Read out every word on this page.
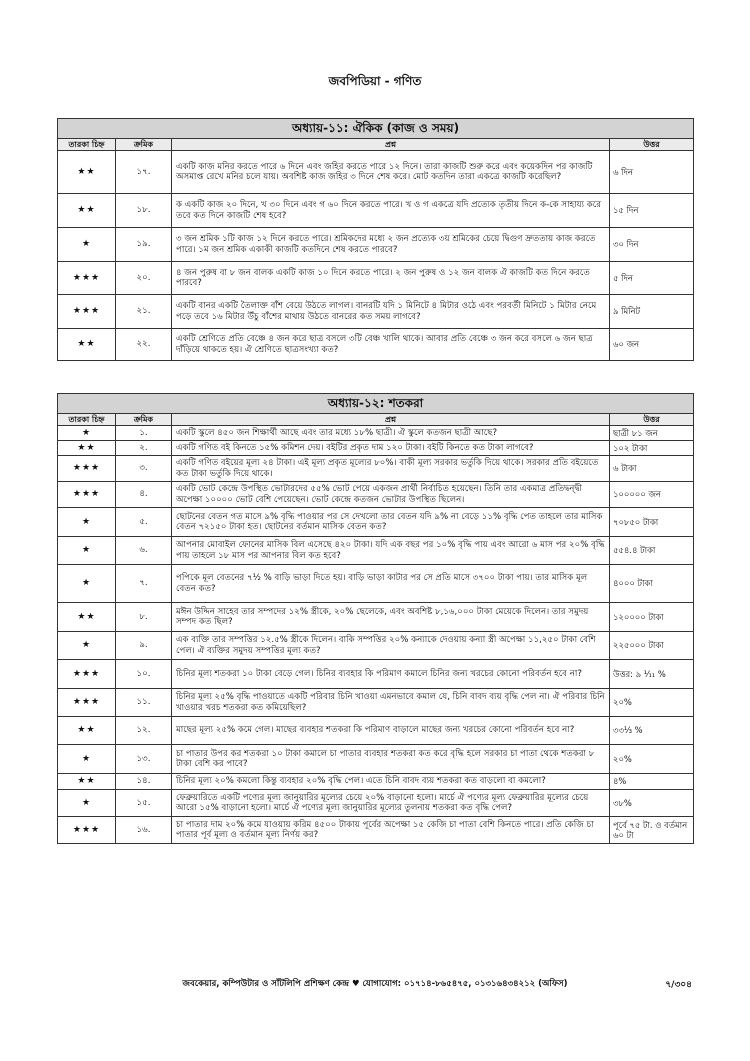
জবপিডিয়া - গণিত
অধ্যায়-১১: ঐকিক (কাজ ও সময়)			
তারকা চিহ্ন	ক্রমিক	প্রশ্ন	উত্তর
★★	১৭.	একটি কাজ মনির করতে পারে ৬ দিনে এবং জহির করতে পারে ১২ দিনে। তারা কাজটি শুরু করে এবং কয়েকদিন পর কাজটি অসমাপ্ত রেখে মনির চলে যায়। অবশিষ্ট কাজ জহির ৩ দিনে শেষ করে। মোট কতদিন তারা একত্রে কাজটি করেছিল?	৬ দিন
★★	১৮.	ক একটি কাজ ২০ দিনে, খ ৩০ দিনে এবং গ ৬০ দিনে করতে পারে। খ ও গ একত্রে যদি প্রত্যেক তৃতীয় দিনে ক-কে সাহায্য করে তবে কত দিনে কাজটি শেষ হবে?	১৫ দিন
★	১৯.	৩ জন শ্রমিক ১টি কাজ ১২ দিনে করতে পারে। শ্রমিকদের মধ্যে ২ জন প্রত্যেক ৩য় শ্রমিকের চেয়ে দ্বিগুণ দ্রুততায় কাজ করতে পারে। ১ম জন শ্রমিক একাকী কাজটি কতদিনে শেষ করতে পারবে?	৩০ দিন
★★★	২০.	৪ জন পুরুষ বা ৮ জন বালক একটি কাজ ১০ দিনে করতে পারে। ২ জন পুরুষ ও ১২ জন বালক ঐ কাজটি কত দিনে করতে পারবে?	৫ দিন
★★★	২১.	একটি বানর একটি তৈলাক্ত বাঁশ বেয়ে উঠতে লাগল। বানরটি যদি ১ মিনিটে ৪ মিটার ওঠে এবং পরবর্তী মিনিটে ১ মিটার নেমে পড়ে তবে ১৬ মিটার উঁচু বাঁশের মাথায় উঠতে বানরের কত সময় লাগবে?	৯ মিনিট
★★	২২.	একটি শ্রেণিতে প্রতি বেঞ্চে ৪ জন করে ছাত্র বসলে ৩টি বেঞ্চ খালি থাকে। আবার প্রতি বেঞ্চে ৩ জন করে বসলে ৬ জন ছাত্র দাঁড়িয়ে থাকতে হয়। ঐ শ্রেণিতে ছাত্রসংখ্যা কত?	৬০ জন
অধ্যায়-১২: শতকরা			
তারকা চিহ্ন	ক্রমিক	প্রশ্ন	উত্তর
★	১.	একটি স্কুলে ৪৫০ জন শিক্ষার্থী আছে এবং তার মধ্যে ১৮% ছাত্রী। ঐ স্কুলে কতজন ছাত্রী আছে?	ছাত্রী ৮১ জন
★★	২.	একটি গণিত বই কিনতে ১৫% কমিশন দেয়। বইটির প্রকৃত দাম ১২০ টাকা। বইটি কিনতে কত টাকা লাগবে?	১০২ টাকা
★★★	৩.	একটি গণিত বইয়ের মূল্য ২৪ টাকা। এই মূল্য প্রকৃত মূল্যের ৮০%। বাকী মূল্য সরকার ভর্তুকি দিয়ে থাকে। সরকার প্রতি বইয়েতে কত টাকা ভর্তুকি দিয়ে থাকে।	৬ টাকা
★★★	৪.	একটি ভোট কেন্দ্রে উপস্থিত ভোটারদের ৫৫% ভোট পেয়ে একজন প্রার্থী নির্বাচিত হয়েছেন। তিনি তার একমাত্র প্রতিদ্বন্দ্বী অপেক্ষা ১০০০০ ভোট বেশি পেয়েছেন। ভোট কেন্দ্রে কতজন ভোটার উপস্থিত ছিলেন।	১০০০০০ জন
★	৫.	ছোটনের বেতন গত মাসে ৯% বৃদ্ধি পাওয়ার পর সে দেখলো তার বেতন যদি ৯% না বেড়ে ১১% বৃদ্ধি পেত তাহলে তার মাসিক বেতন ৭২১৫০ টাকা হত। ছোটনের বর্তমান মাসিক বেতন কত?	৭০৮৫০ টাকা
★	৬.	আপনার মোবাইল ফোনের মাসিক বিল এসেছে ৪২০ টাকা। যদি এক বছর পর ১০% বৃদ্ধি পায় এবং আরো ৬ মাস পর ২০% বৃদ্ধি পায় তাহলে ১৮ মাস পর আপনার বিল কত হবে?	৫৫৪.৪ টাকা
★	৭.	পপিকে মূল বেতনের ৭½ % বাড়ি ভাড়া দিতে হয়। বাড়ি ভাড়া কাটার পর সে প্রতি মাসে ৩৭০০ টাকা পায়। তার মাসিক মূল বেতন কত?	৪০০০ টাকা
★★	৮.	মঈন উদ্দিন সাহেব তার সম্পদের ১২% স্ত্রীকে, ২০% ছেলেকে, এবং অবশিষ্ট ৮,১৬,০০০ টাকা মেয়েকে দিলেন। তার সমুদয় সম্পদ কত ছিল?	১২০০০০ টাকা
★	৯.	এক ব্যক্তি তার সম্পত্তির ১২.৫% স্ত্রীকে দিলেন। বাকি সম্পত্তির ২০% কন্যাকে দেওয়ায় কন্যা স্ত্রী অপেক্ষা ১১,২৫০ টাকা বেশি পেল। ঐ ব্যক্তির সমুদয় সম্পত্তির মূল্য কত?	২২৫০০০ টাকা
★★★	১০.	চিনির মূল্য শতকরা ১০ টাকা বেড়ে গেল। চিনির ব্যবহার কি পরিমাণ কমালে চিনির জন্য খরচের কোনো পরিবর্তন হবে না?	উত্তর: ৯ ¹⁄₁₁ %
★★★	১১.	চিনির মূল্য ২৫% বৃদ্ধি পাওয়াতে একটি পরিবার চিনি খাওয়া এমনভাবে কমাল যে, চিনি বাবদ ব্যয় বৃদ্ধি পেল না। ঐ পরিবার চিনি খাওয়ার খরচ শতকরা কত কমিয়েছিল?	২০%
★★	১২.	মাছের মূল্য ২৫% কমে গেল। মাছের ব্যবহার শতকরা কি পরিমাণ বাড়ালে মাছের জন্য খরচের কোনো পরিবর্তন হবে না?	৩৩⅓ %
★	১৩.	চা পাতার উপর কর শতকরা ১০ টাকা কমালে চা পাতার ব্যবহার শতকরা কত করে বৃদ্ধি হলে সরকার চা পাতা থেকে শতকরা ৮ টাকা বেশি কর পাবে?	২০%
★★	১৪.	চিনির মূল্য ২০% কমলো কিন্তু ব্যবহার ২০% বৃদ্ধি পেল। এতে চিনি বাবদ ব্যয় শতকরা কত বাড়লো বা কমলো?	৪%
★	১৫.	ফেব্রুয়ারিতে একটি পণ্যের মূল্য জানুয়ারির মূল্যের চেয়ে ২০% বাড়ানো হলো। মার্চে ঐ পণ্যের মূল্য ফেব্রুয়ারির মূল্যের চেয়ে আরো ১৫% বাড়ানো হলো। মার্চে ঐ পণ্যের মূল্য জানুয়ারির মূল্যের তুলনায় শতকরা কত বৃদ্ধি পেল?	৩৮%
★★★	১৬.	চা পাতার দাম ২০% কমে যাওয়ায় করিম ৪৫০০ টাকায় পূর্বের অপেক্ষা ১৫ কেজি চা পাতা বেশি কিনতে পারে। প্রতি কেজি চা পাতার পূর্ব মূল্য ও বর্তমান মূল্য নির্ণয় কর?	পূর্বে ৭৫ টা. ও বর্তমান ৬০ টা
জবকেয়ার, কম্পিউটার ও সাঁটলিপি প্রশিক্ষণ কেন্দ্র ♥ যোগাযোগ: ০১৭১৪-৮৬৫৪৭৫, ০১৩১৬৪৩৪২১২ (অফিস)	৭/৩০৪
